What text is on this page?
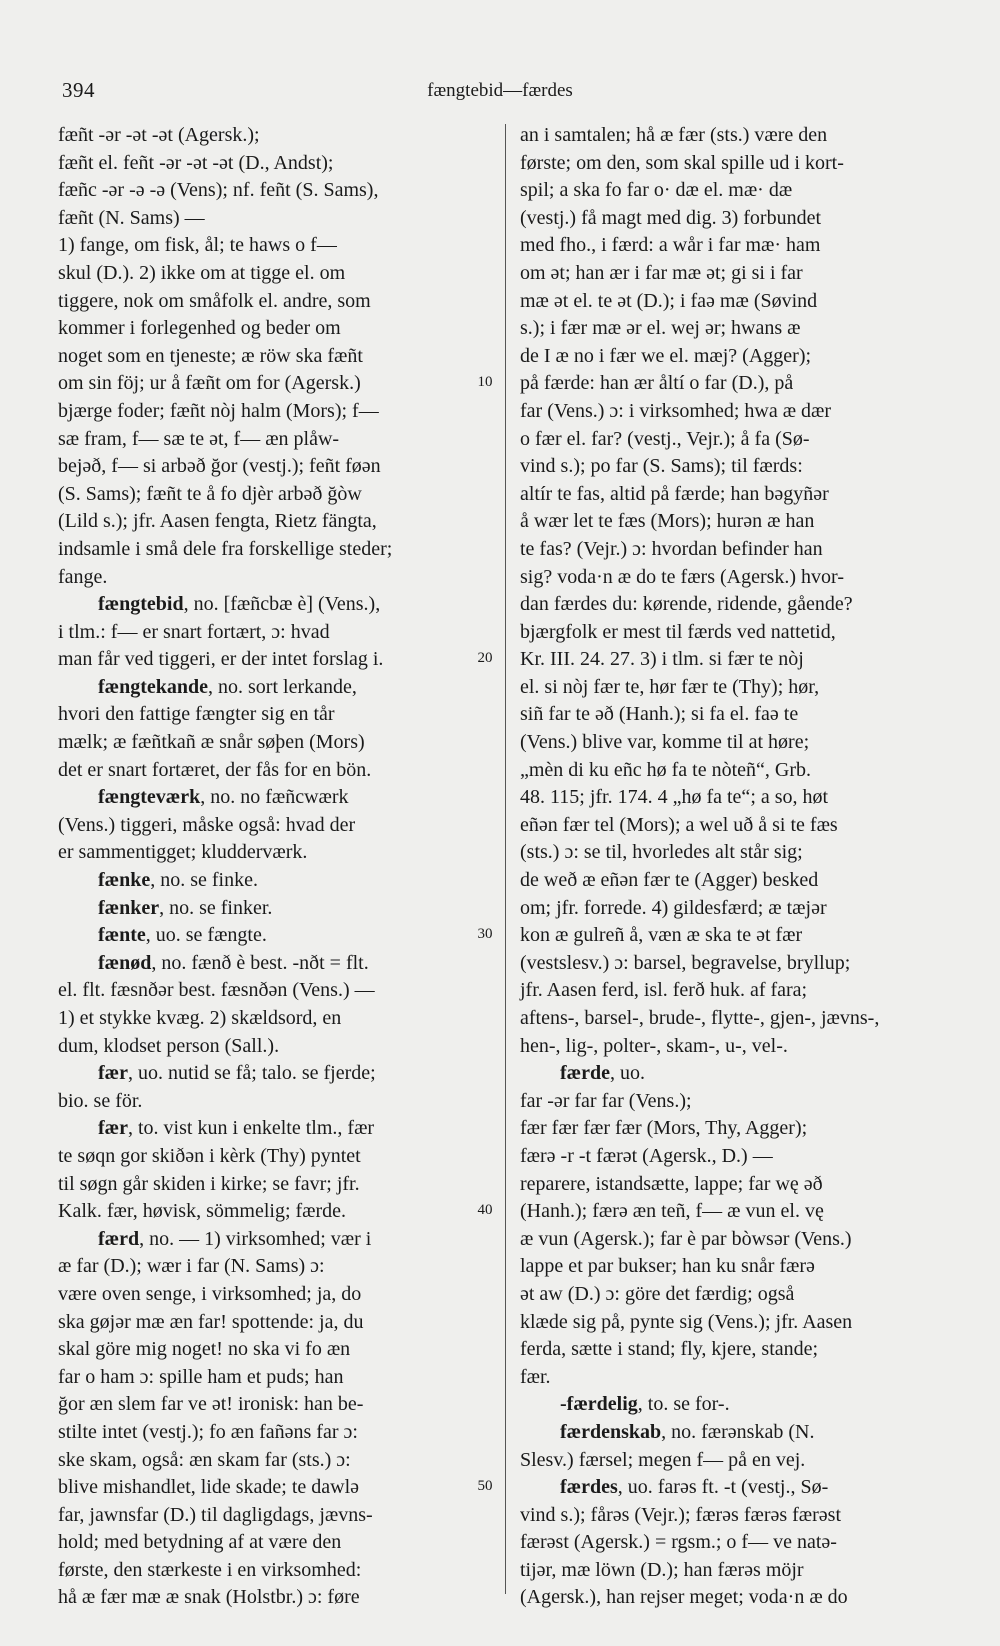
394	fængtebid—færdes
fæñt -ər -ət -ət (Agersk.);
fæñt el. feñt -ər -ət -ət (D., Andst);
fæñc -ər -ə -ə (Vens); nf. feñt (S. Sams),
fæñt (N. Sams) —
1) fange, om fisk, ål; te haws o f—
skul (D.). 2) ikke om at tigge el. om
tiggere, nok om småfolk el. andre, som
kommer i forlegenhed og beder om
noget som en tjeneste; æ röw ska fæñt
om sin föj; ur å fæñt om for (Agersk.)
bjærge foder; fæñt nòj halm (Mors); f—
sæ fram, f— sæ te ət, f— æn plåw-
bejəð, f— si arbəð ğor (vestj.); feñt føən
(S. Sams); fæñt te å fo djèr arbəð ğòw
(Lild s.); jfr. Aasen fengta, Rietz fängta,
indsamle i små dele fra forskellige steder;
fange.
fængtebid, no. [fæñcbæ è] (Vens.),
i tlm.: f— er snart fortært, ɔ: hvad
man får ved tiggeri, er der intet forslag i.
fængtekande, no. sort lerkande,
hvori den fattige fængter sig en tår
mælk; æ fæñtkañ æ snår søþen (Mors)
det er snart fortæret, der fås for en bön.
fængteværk, no. no fæñcwærk
(Vens.) tiggeri, måske også: hvad der
er sammentigget; kludderværk.
fænke, no. se finke.
fænker, no. se finker.
fænte, uo. se fængte.
fænød, no. fænð è best. -nðt = flt.
el. flt. fæsnðər best. fæsnðən (Vens.) —
1) et stykke kvæg. 2) skældsord, en
dum, klodset person (Sall.).
fær, uo. nutid se få; talo. se fjerde;
bio. se för.
fær, to. vist kun i enkelte tlm., fær
te søqn gor skiðən i kèrk (Thy) pyntet
til søgn går skiden i kirke; se favr; jfr.
Kalk. fær, høvisk, sömmelig; færde.
færd, no. — 1) virksomhed; vær i
æ far (D.); wær i far (N. Sams) ɔ:
være oven senge, i virksomhed; ja, do
ska gøjər mæ æn far! spottende: ja, du
skal göre mig noget! no ska vi fo æn
far o ham ɔ: spille ham et puds; han
ğor æn slem far ve ət! ironisk: han be-
stilte intet (vestj.); fo æn fañəns far ɔ:
ske skam, også: æn skam far (sts.) ɔ:
blive mishandlet, lide skade; te dawlə
far, jawnsfar (D.) til dagligdags, jævns-
hold; med betydning af at være den
første, den stærkeste i en virksomhed:
hå æ fær mæ æ snak (Holstbr.) ɔ: føre
an i samtalen; hå æ fær (sts.) være den
første; om den, som skal spille ud i kort-
spil; a ska fo far o· dæ el. mæ· dæ
(vestj.) få magt med dig. 3) forbundet
med fho., i færd: a wår i far mæ· ham
om ət; han ær i far mæ ət; gi si i far
mæ ət el. te ət (D.); i faə mæ (Søvind
s.); i fær mæ ər el. wej ər; hwans æ
de I æ no i fær we el. mæj? (Agger);
på færde: han ær åltí o far (D.), på
far (Vens.) ɔ: i virksomhed; hwa æ dær
o fær el. far? (vestj., Vejr.); å fa (Sø-
vind s.); po far (S. Sams); til færds:
altír te fas, altid på færde; han bəgyñər
å wær let te fæs (Mors); hurən æ han
te fas? (Vejr.) ɔ: hvordan befinder han
sig? voda·n æ do te færs (Agersk.) hvor-
dan færdes du: kørende, ridende, gående?
bjærgfolk er mest til færds ved nattetid,
Kr. III. 24. 27. 3) i tlm. si fær te nòj
el. si nòj fær te, hør fær te (Thy); hør,
siñ far te əð (Hanh.); si fa el. faə te
(Vens.) blive var, komme til at høre;
„mèn di ku eñc hø fa te nòteñ“, Grb.
48. 115; jfr. 174. 4 „hø fa te“; a so, høt
eñən fær tel (Mors); a wel uð å si te fæs
(sts.) ɔ: se til, hvorledes alt står sig;
de weð æ eñən fær te (Agger) besked
om; jfr. forrede. 4) gildesfærd; æ tæjər
kon æ gulreñ å, væn æ ska te ət fær
(vestslesv.) ɔ: barsel, begravelse, bryllup;
jfr. Aasen ferd, isl. ferð huk. af fara;
aftens-, barsel-, brude-, flytte-, gjen-, jævns-,
hen-, lig-, polter-, skam-, u-, vel-.
færde, uo.
far -ər far far (Vens.);
fær fær fær fær (Mors, Thy, Agger);
færə -r -t færət (Agersk., D.) —
reparere, istandsætte, lappe; far wę əð
(Hanh.); færə æn teñ, f— æ vun el. vę
æ vun (Agersk.); far è par bòwsər (Vens.)
lappe et par bukser; han ku snår færə
ət aw (D.) ɔ: göre det færdig; også
klæde sig på, pynte sig (Vens.); jfr. Aasen
ferda, sætte i stand; fly, kjere, stande;
fær.
-færdelig, to. se for-.
færdenskab, no. færənskab (N.
Slesv.) færsel; megen f— på en vej.
færdes, uo. farəs ft. -t (vestj., Sø-
vind s.); fårəs (Vejr.); færəs færəs færəst
færəst (Agersk.) = rgsm.; o f— ve natə-
tijər, mæ löwn (D.); han færəs möjr
(Agersk.), han rejser meget; voda·n æ do
10
20
30
40
50
